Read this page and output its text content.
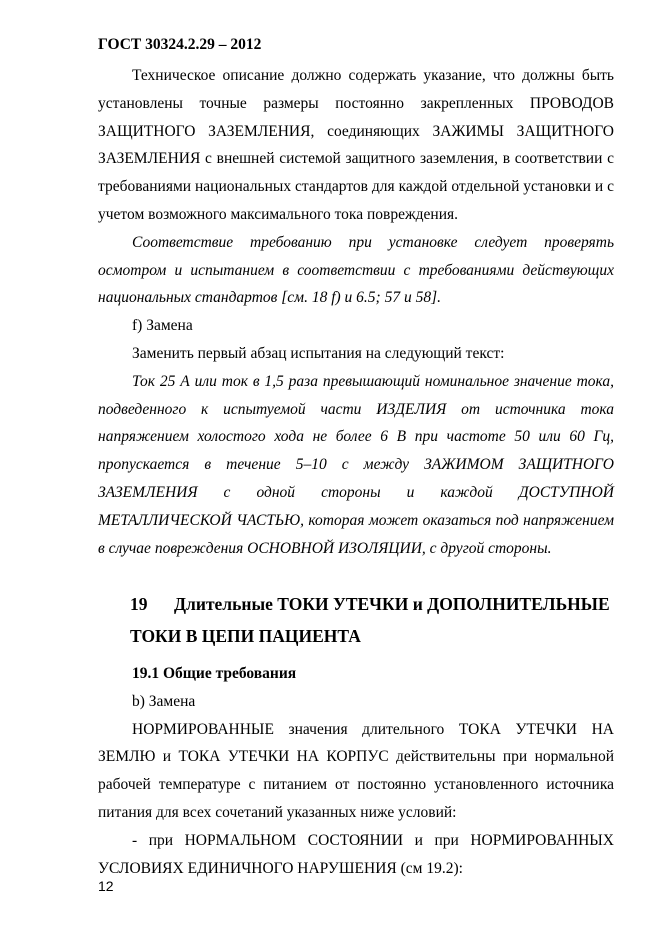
ГОСТ 30324.2.29 – 2012

Техническое описание должно содержать указание, что должны быть установлены точные размеры постоянно закрепленных ПРОВОДОВ ЗАЩИТНОГО ЗАЗЕМЛЕНИЯ, соединяющих ЗАЖИМЫ ЗАЩИТНОГО ЗАЗЕМЛЕНИЯ с внешней системой защитного заземления, в соответствии с требованиями национальных стандартов для каждой отдельной установки и с учетом возможного максимального тока повреждения.

Соответствие требованию при установке следует проверять осмотром и испытанием в соответствии с требованиями действующих национальных стандартов [см. 18 f) и 6.5; 57 и 58].

f) Замена

Заменить первый абзац испытания на следующий текст:

Ток 25 А или ток в 1,5 раза превышающий номинальное значение тока, подведенного к испытуемой части ИЗДЕЛИЯ от источника тока напряжением холостого хода не более 6 В при частоте 50 или 60 Гц, пропускается в течение 5–10 с между ЗАЖИМОМ ЗАЩИТНОГО ЗАЗЕМЛЕНИЯ с одной стороны и каждой ДОСТУПНОЙ МЕТАЛЛИЧЕСКОЙ ЧАСТЬЮ, которая может оказаться под напряжением в случае повреждения ОСНОВНОЙ ИЗОЛЯЦИИ, с другой стороны.

19 Длительные ТОКИ УТЕЧКИ и ДОПОЛНИТЕЛЬНЫЕ ТОКИ В ЦЕПИ ПАЦИЕНТА

19.1 Общие требования

b) Замена

НОРМИРОВАННЫЕ значения длительного ТОКА УТЕЧКИ НА ЗЕМЛЮ и ТОКА УТЕЧКИ НА КОРПУС действительны при нормальной рабочей температуре с питанием от постоянно установленного источника питания для всех сочетаний указанных ниже условий:

- при НОРМАЛЬНОМ СОСТОЯНИИ и при НОРМИРОВАННЫХ УСЛОВИЯХ ЕДИНИЧНОГО НАРУШЕНИЯ (см 19.2):

12
